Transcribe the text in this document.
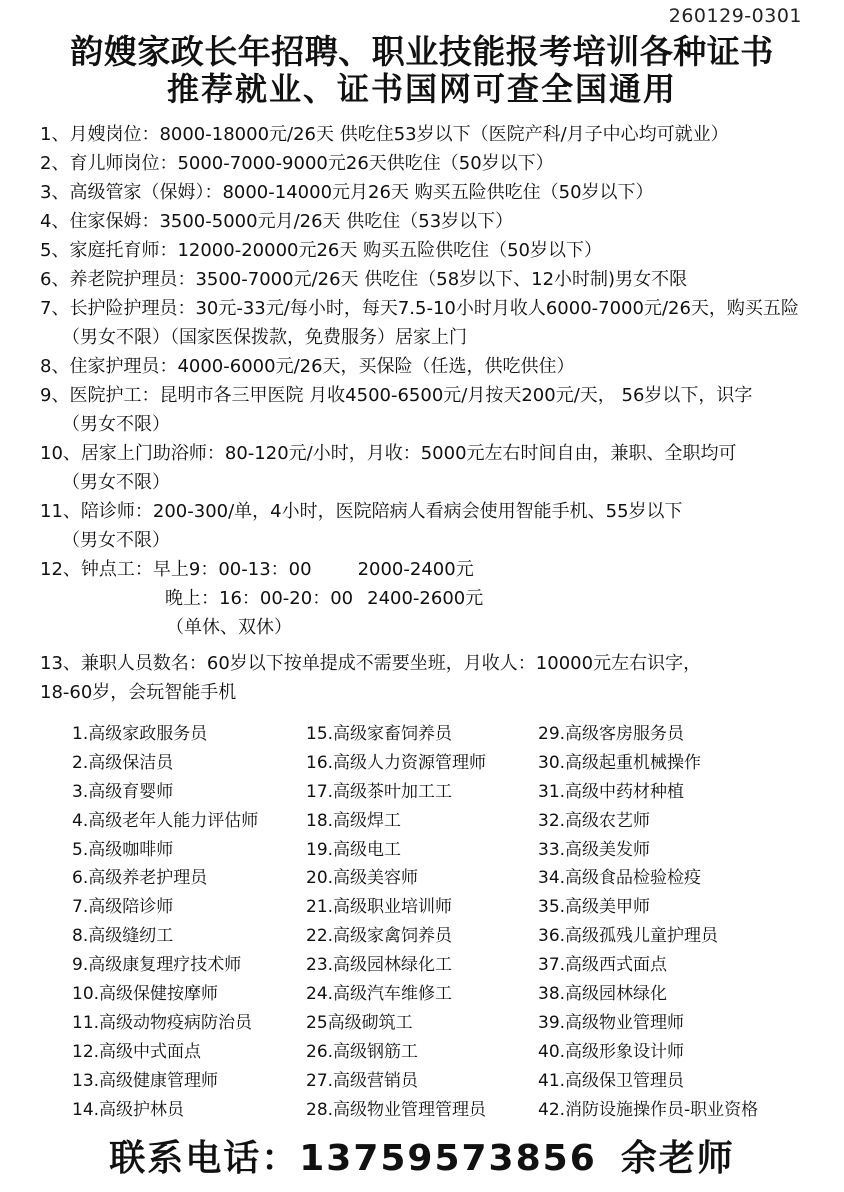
260129-0301
韵嫂家政长年招聘、职业技能报考培训各种证书
推荐就业、证书国网可查全国通用
1、月嫂岗位：8000-18000元/26天 供吃住53岁以下（医院产科/月子中心均可就业）
2、育儿师岗位：5000-7000-9000元26天供吃住（50岁以下）
3、高级管家（保姆）：8000-14000元月26天 购买五险供吃住（50岁以下）
4、住家保姆：3500-5000元月/26天 供吃住（53岁以下）
5、家庭托育师：12000-20000元26天 购买五险供吃住（50岁以下）
6、养老院护理员：3500-7000元/26天 供吃住（58岁以下、12小时制)男女不限
7、长护险护理员：30元-33元/每小时，每天7.5-10小时月收人6000-7000元/26天，购买五险
（男女不限）（国家医保拨款，免费服务）居家上门
8、住家护理员：4000-6000元/26天，买保险（任选，供吃供住）
9、医院护工：昆明市各三甲医院 月收4500-6500元/月按天200元/天， 56岁以下，识字
（男女不限）
10、居家上门助浴师：80-120元/小时，月收：5000元左右时间自由，兼职、全职均可
（男女不限）
11、陪诊师：200-300/单，4小时，医院陪病人看病会使用智能手机、55岁以下
（男女不限）
12、钟点工：早上9：00-13：00	2000-2400元
晚上：16：00-20：00 2400-2600元
（单休、双休）
13、兼职人员数名：60岁以下按单提成不需要坐班，月收人：10000元左右识字，
18-60岁，会玩智能手机
1.高级家政服务员
2.高级保洁员
3.高级育婴师
4.高级老年人能力评估师
5.高级咖啡师
6.高级养老护理员
7.高级陪诊师
8.高级缝纫工
9.高级康复理疗技术师
10.高级保健按摩师
11.高级动物疫病防治员
12.高级中式面点
13.高级健康管理师
14.高级护林员
15.高级家畜饲养员
16.高级人力资源管理师
17.高级茶叶加工工
18.高级焊工
19.高级电工
20.高级美容师
21.高级职业培训师
22.高级家禽饲养员
23.高级园林绿化工
24.高级汽车维修工
25高级砌筑工
26.高级钢筋工
27.高级营销员
28.高级物业管理管理员
29.高级客房服务员
30.高级起重机械操作
31.高级中药材种植
32.高级农艺师
33.高级美发师
34.高级食品检验检疫
35.高级美甲师
36.高级孤残儿童护理员
37.高级西式面点
38.高级园林绿化
39.高级物业管理师
40.高级形象设计师
41.高级保卫管理员
42.消防设施操作员-职业资格
联系电话：13759573856 余老师
